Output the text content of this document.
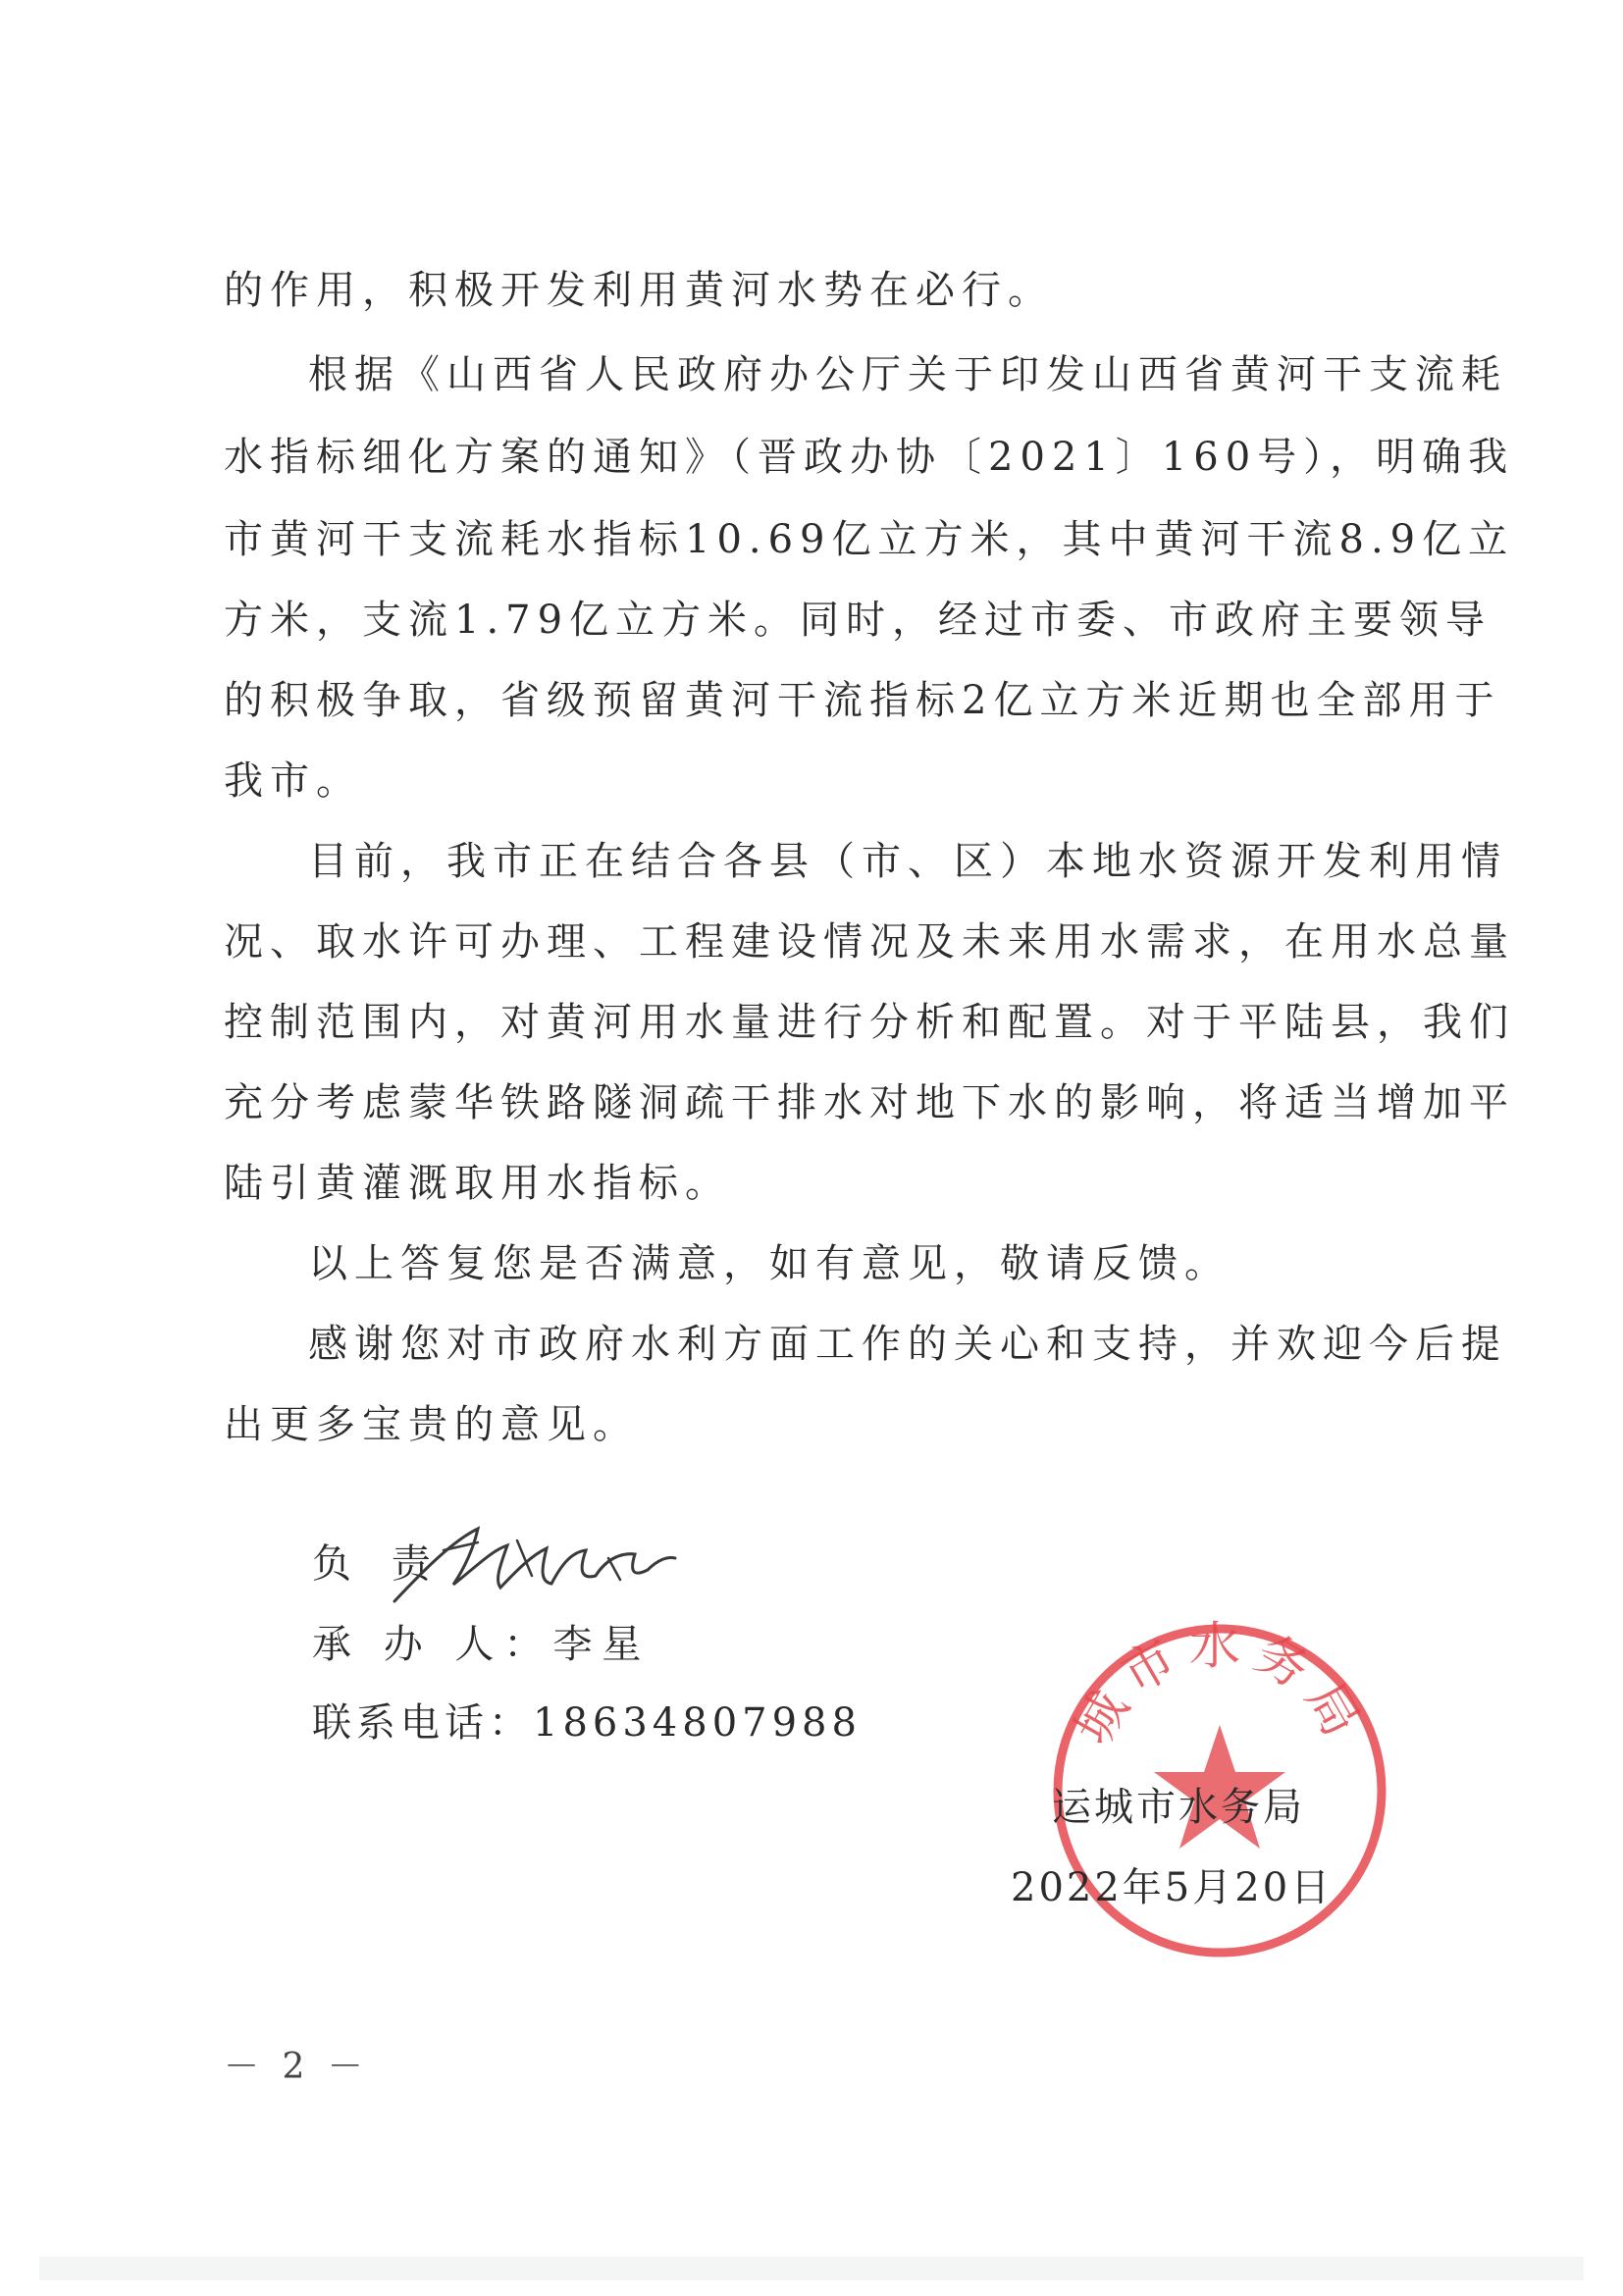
的作用，积极开发利用黄河水势在必行。
根据《山西省人民政府办公厅关于印发山西省黄河干支流耗
水指标细化方案的通知》（晋政办协〔2021〕160号），明确我
市黄河干支流耗水指标10.69亿立方米，其中黄河干流8.9亿立
方米，支流1.79亿立方米。同时，经过市委、市政府主要领导
的积极争取，省级预留黄河干流指标2亿立方米近期也全部用于
我市。
目前，我市正在结合各县（市、区）本地水资源开发利用情
况、取水许可办理、工程建设情况及未来用水需求，在用水总量
控制范围内，对黄河用水量进行分析和配置。对于平陆县，我们
充分考虑蒙华铁路隧洞疏干排水对地下水的影响，将适当增加平
陆引黄灌溉取用水指标。
以上答复您是否满意，如有意见，敬请反馈。
感谢您对市政府水利方面工作的关心和支持，并欢迎今后提
出更多宝贵的意见。
负 责
承 办 人：李星
联系电话：18634807988	城市水务局
运城市水务局
2022年5月20日
－ 2 －
